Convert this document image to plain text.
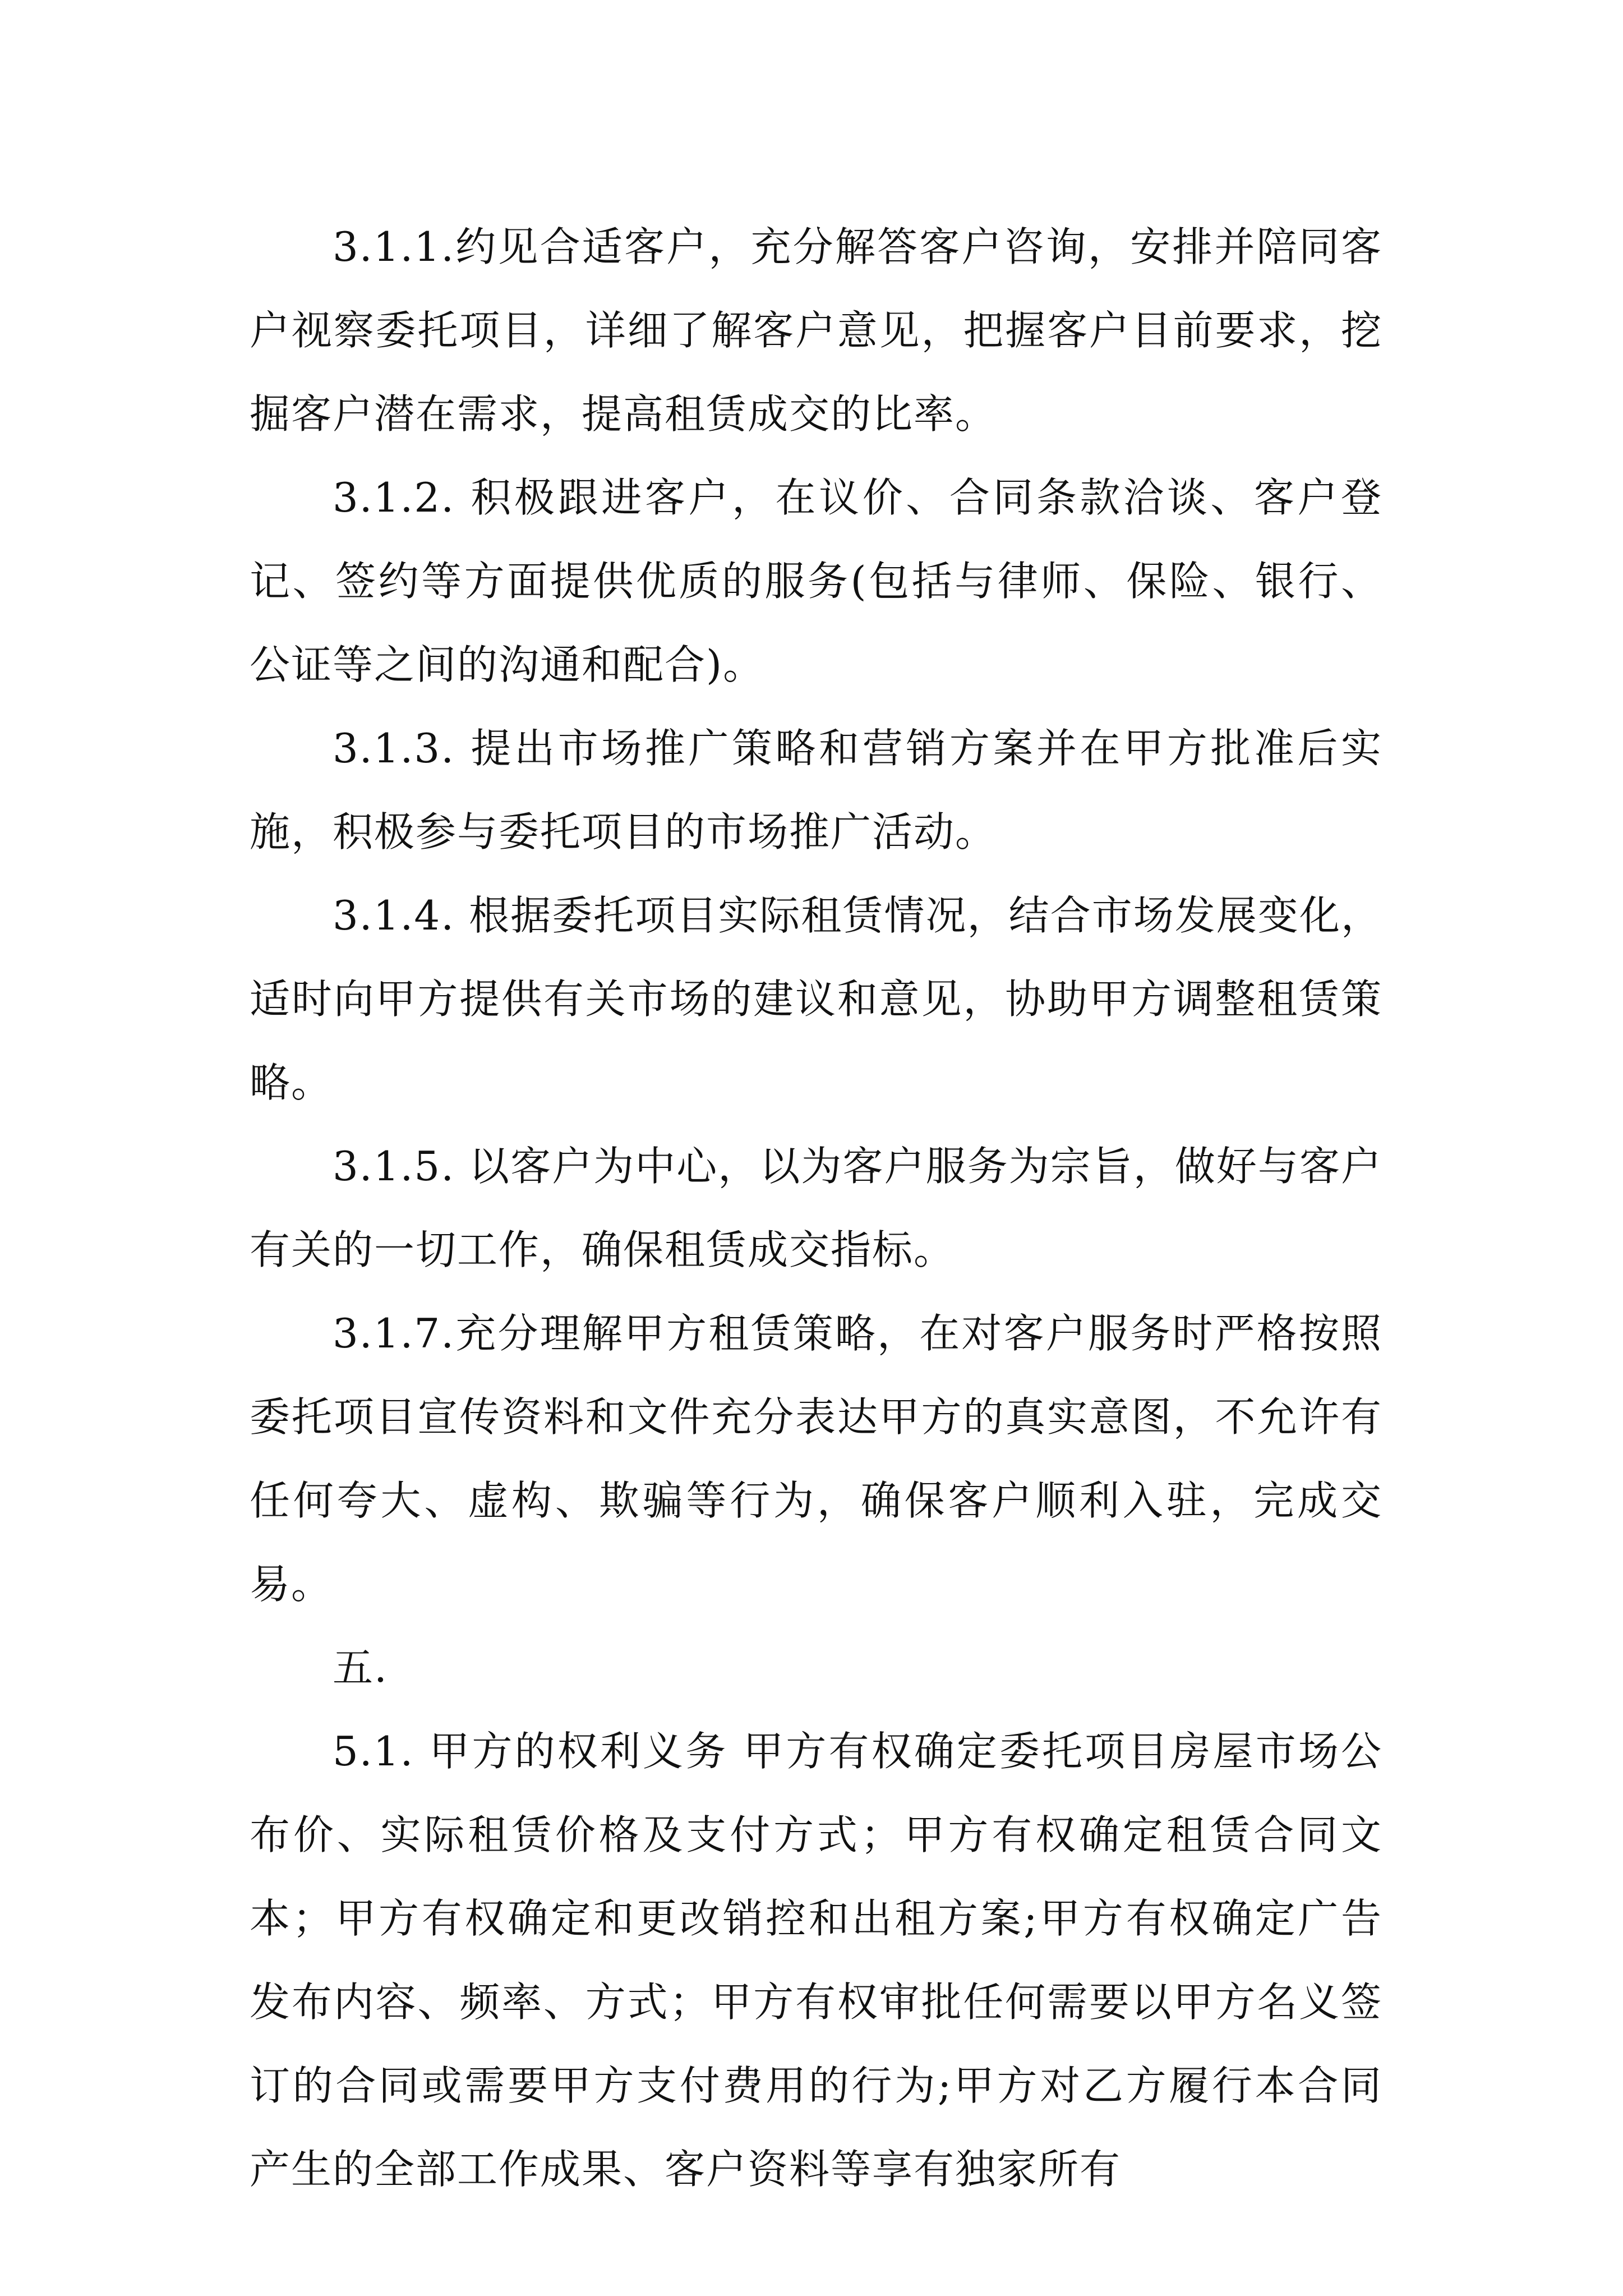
3.1.1.约见合适客户，充分解答客户咨询，安排并陪同客户视察委托项目，详细了解客户意见，把握客户目前要求，挖掘客户潜在需求，提高租赁成交的比率。

3.1.2. 积极跟进客户，在议价、合同条款洽谈、客户登记、签约等方面提供优质的服务(包括与律师、保险、银行、公证等之间的沟通和配合)。

3.1.3. 提出市场推广策略和营销方案并在甲方批准后实施，积极参与委托项目的市场推广活动。

3.1.4. 根据委托项目实际租赁情况，结合市场发展变化，适时向甲方提供有关市场的建议和意见，协助甲方调整租赁策略。

3.1.5. 以客户为中心，以为客户服务为宗旨，做好与客户有关的一切工作，确保租赁成交指标。

3.1.7.充分理解甲方租赁策略，在对客户服务时严格按照委托项目宣传资料和文件充分表达甲方的真实意图，不允许有任何夸大、虚构、欺骗等行为，确保客户顺利入驻，完成交易。

五.

5.1. 甲方的权利义务 甲方有权确定委托项目房屋市场公布价、实际租赁价格及支付方式；甲方有权确定租赁合同文本；甲方有权确定和更改销控和出租方案;甲方有权确定广告发布内容、频率、方式；甲方有权审批任何需要以甲方名义签订的合同或需要甲方支付费用的行为;甲方对乙方履行本合同产生的全部工作成果、客户资料等享有独家所有
